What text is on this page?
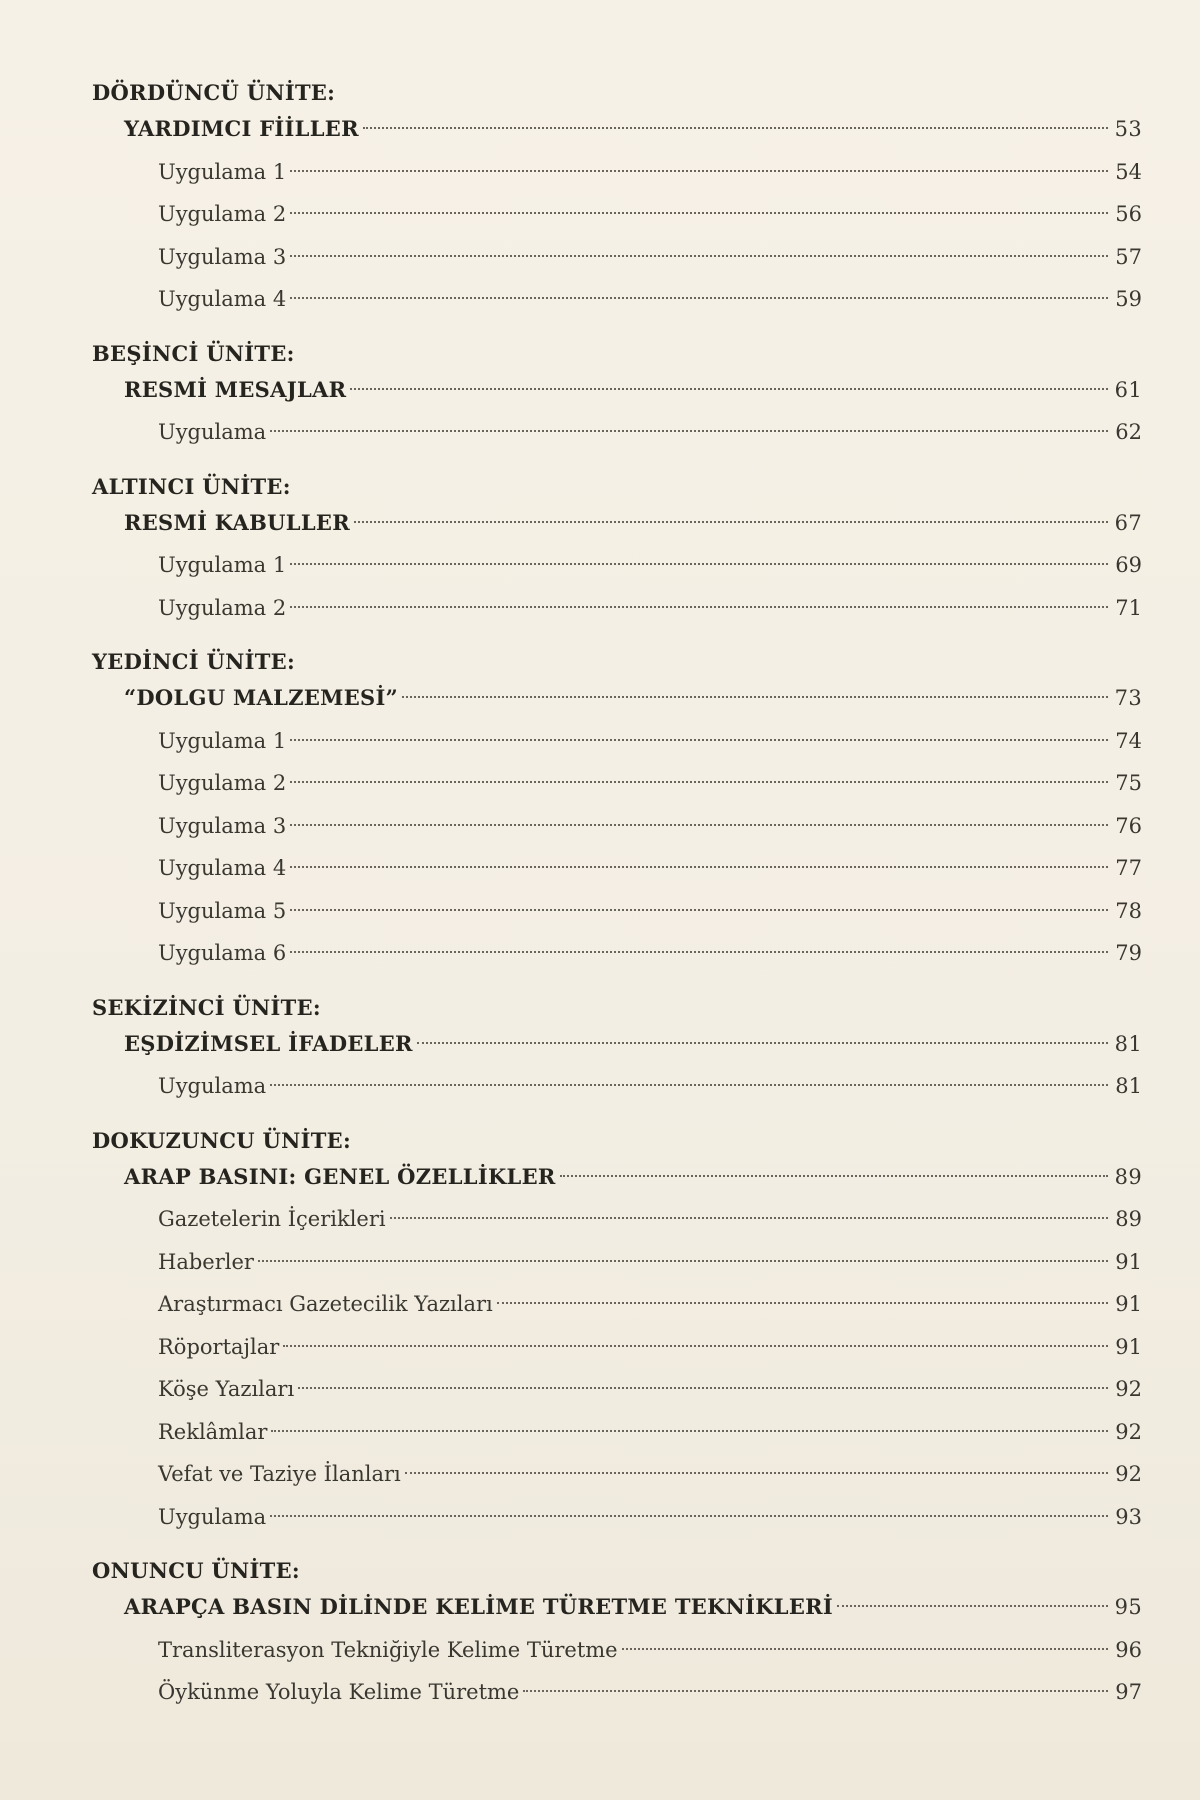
DÖRDÜNCÜ ÜNİTE:
YARDIMCI FİİLLER	53
Uygulama 1	54
Uygulama 2	56
Uygulama 3	57
Uygulama 4	59
BEŞİNCİ ÜNİTE:
RESMİ MESAJLAR	61
Uygulama	62
ALTINCI ÜNİTE:
RESMİ KABULLER	67
Uygulama 1	69
Uygulama 2	71
YEDİNCİ ÜNİTE:
“DOLGU MALZEMESİ”	73
Uygulama 1	74
Uygulama 2	75
Uygulama 3	76
Uygulama 4	77
Uygulama 5	78
Uygulama 6	79
SEKİZİNCİ ÜNİTE:
EŞDİZİMSEL İFADELER	81
Uygulama	81
DOKUZUNCU ÜNİTE:
ARAP BASINI: GENEL ÖZELLİKLER	89
Gazetelerin İçerikleri	89
Haberler	91
Araştırmacı Gazetecilik Yazıları	91
Röportajlar	91
Köşe Yazıları	92
Reklâmlar	92
Vefat ve Taziye İlanları	92
Uygulama	93
ONUNCU ÜNİTE:
ARAPÇA BASIN DİLİNDE KELİME TÜRETME TEKNİKLERİ	95
Transliterasyon Tekniğiyle Kelime Türetme	96
Öykünme Yoluyla Kelime Türetme	97
